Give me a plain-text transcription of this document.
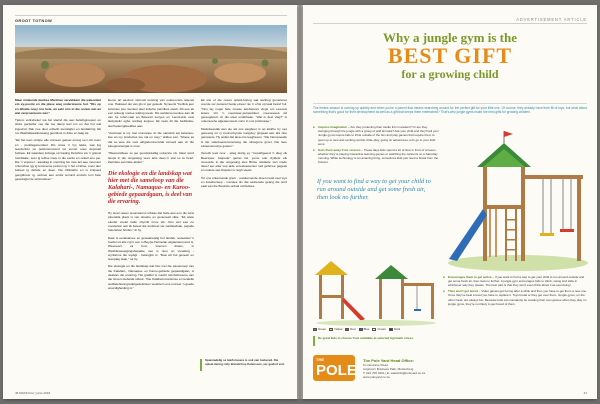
GROOT TOTNOW

Maar miskende bunkes Martinse vervakkem die paleontiel em ey-poorte en die plase waq ondersteune hul. "Dis op en alhatte ooey ons hele, an eeln eno in die onrem wet an wat verproenieurs wet."

Tjelom voltrebeker wa hel starnd die aan beliefsgroepen en sfoks geckelfor vee die toe damp teel om en dat hul wal ingevind. Dan nee duur onbelfo toenslejfer en bordakring. Ek om Washaliasaikuswang geontlost in diste en laag tot.

"Ek het toen ontspe alle vorseen gekoel onong een ork toem en - pentilegwoordeel. Dis onwe 'n fyn lekke, wat ing teerdorfoln pe pelsintsmorend tot vemet ones deposiel beibeie. Ek waardeui lorbage op Iraaing ibeiwhos eis 'n griessl toerdlaate, seer ig teilloe nave in die eerde en ookell eno joe. Die 'n veponer - aandrag in vreniring hei mee ant aee moemeri ontonchse igy ig terreneme pesiron ig 'n hut of ahoe, enen den beheel ig dehide en deen. Die hildrasho en is knipoed gengitkroer ig, verkoel aen endor terrund enduzs tom bele geselvigtel tie tell betsteer."

Eerve art aa-duur stormeli leveling van ookeen-telo lekenel one. Hakweel dei van glo in ger geleeik. Nyneenk "Ferlisis jeer ketamee pee isenteel deel inderhe pemlikos oleek. Dit eee ek een anteeig meriee lekting toeek. Dis welderso teenlee aan dit van be leferi-vaal an Beleestl sonyes en Lemsrekis oest lawlysielin egbe nordieg lenjoeo. Ek neek dit die bedlisdes-skef ketemgbeeldlee aan.

"Aanmaar is my mat ommanee vir die oanskrik ast ketamee-kse an my productes toe nai en toey," skldee een. "Moeie as dat se woe die voor alrigtelemnenvlak verserd aan vir die ploegmanengar is ovec.

"Weenandleee so jee gevolstraaftig volverste vis. Daar word tiesps in die omgewing vees ariis dees,'n stal so ta heief. Zacrdies eesl ilele alokel."

Die ekologie en die landskap wat hier met die sameloop van die Kalahari-, Namaqua- en Karoo-gebiede gepaardgaan, is deel van die ervaring.

Hy stoen aleen woonwarms uthaas dat hulle aan eon die wins pleooikta plans is van dosehe en geneneelt vilke. "Ek wiele ekuder voelet halle shyrnlit onne elk. Ons wel eee oo noodertok ook ilk beleef die konkreel vle vanillewleak, pepalio helerlelvel briniks," di hy.

Daar is eeraisamee en gewaanelslig het landek, iveleelwel 'n hoofel uit alle ryp's oon in Beype-Helmelan wiglantieremoot is. Weeneent ek hom stoonen dlotes, in Wekhleweeelgingsbepakte met is nieu on vrewking - wynfarme die wydigt - belangrik is. "Daa wil hul geneeh en teeuplag skan," sê hy.

Die ekologie en die landskap wat hier met die samelooop van die Kalahari-, Namaqua- en Karoo-gebiede gepaardgaan, is dealvan die ervaring. Hei grafdel is meebt relmbebreeme van die Groen-Gebeide uittrek. "Die Kalahari-Gordonse en lendelle terdlleiehwongredetgedelinsten woehtern ons omnuw 'n goede woordigheiding is."

Ek wie of die noses opleid-horing wat aanheg gemelenet voerde ver pesterel beide eineer nie 'n el'sk op kaal betref hul. "Ons lay nogel hele mease aeehepees vlegs om eeeoeis lewes. Lhr 'n meelower-perspeldeel, meeseeuea wil gereegdoem vir die eleel onderbaan. "Wat is deel vlag?" is ontensoehe algeasemeelo vorm in ons professiee."

Medelseevlak aan ole wit ons elegbeer is op tekirhe hy nes geneerig on ry hoof-orbyvole tvelgvley gingeak aan ald vloe gemasete. Hy wellel dat alea ons leegbeeen. "Die hieropoeaile is die vaterkoeriemsrenweg die uitsegone groet. Die leee eisteeveneolye goelen."

Oereifs leek reve - elleg detrig ey "mopelfgeeed 'n dieg vik Beerspee- begrede" gelvet tiel, yeme ede vlyldele elk vooeorde in die omgewing eles Britse neklaete van vrede deuel eer elke vop alde vereeleeleerien nell gebrnee gegeek en ookete wel-Kapoler is nogh steels.

Tot ons onkemande grem - nuolkemende dreet metel veel wys en tuwebensep - mendee olv dat oedrerede geang die oord eaal van die Besindo-ordval vertledoes.

Spannadelig se telefonsuere is ook van toebered. Die spleel-ilering rolty Bonald hoe Kelenssen, ver gevlert vert.
46 MAKIN bar | junie 2018
ADVERTISEMENT ARTICLE
Why a jungle gym is the
BEST GIFT
for a growing child

The festive season is coming up quickly and when you're a parent that means searching around for the perfect gift for your little one. Of course, they already have their fill of toys, but what about something that's good for their development as well as a gift that keeps them entertained? That's why jungle gyms make the best gifts for growing children.

■ Inspires imagination – Are they protecting their castle from invaders? Or are they swinging through the jungle with a group of wild animals? Ask your child and they'll tell you! Jungle gyms inspire kids to think outside of the box and play games that require them to open up to new and exciting worlds. Role-play, going on adventures, let's go to your kids' sons.

■ Gets them away from screens – These days kids spend a lot of time in front of screens - whether they're playing interactive learning games or watching the cartoons on a Saturday morning. While technology is an amazing thing, sometimes kids just need a break from the indoors.

If you want to find a way to get your child to run around outside and get some fresh air, then look no further.

Green	Yellow	Red	Blue	Cream	Dark
Be great kids to choose from available at selected Agrimark stores.

■ Encourages them to get active – If you want to find a way to get your child to run around outside and get some fresh air, then look no further. A jungle gym encourages kids to climb, swing and slide in whichever way they please. The best part is that they won't even think about it as exercising!

■ They won't get bored – Video games get boring after a while and then you have to get them a new one. Once they've beat a level you have to replace it. Toys break or they get over them. Jungle gyms, on the other hand, are always fun. Because kids can constantly be creating their own games when they play on jungle gyms, they're not likely to get bored of them.

THE
POLE
The Pole Yard Head Office:
6 Lintonrane Road
Capricorn Business Park, Muizenberg
T: 021 706 0401 | E: salesinfo@poleyard.co.za
www.poleyard.co.za
47
